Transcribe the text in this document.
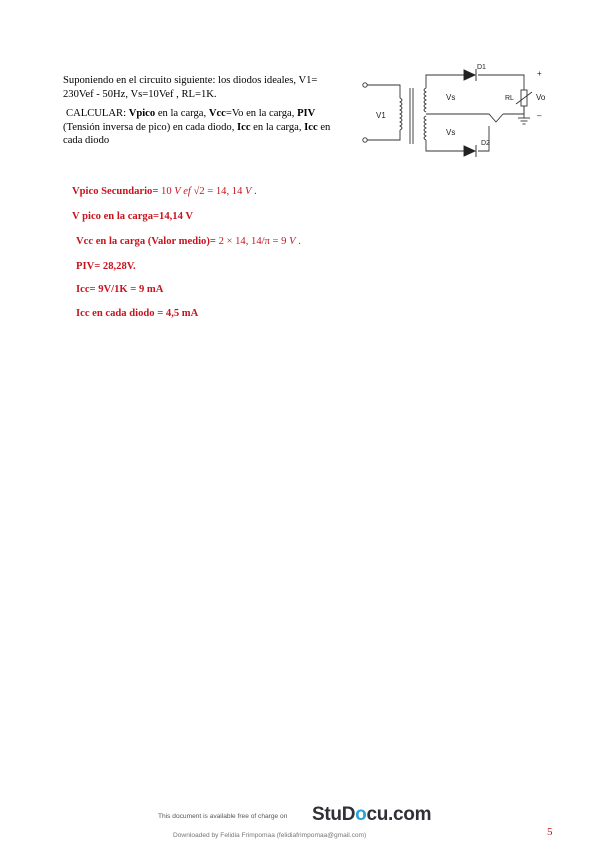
Suponiendo en el circuito siguiente: los diodos ideales, V1= 230Vef - 50Hz, Vs=10Vef , RL=1K.

CALCULAR: Vpico en la carga, Vcc=Vo en la carga, PIV (Tensión inversa de pico) en cada diodo, Icc en la carga, Icc en cada diodo

V1
Vs
Vs
D1
D2
RL	Vo
+
–
Vpico Secundario= 10 V ef √2 = 14, 14 V .
V pico en la carga=14,14 V
Vcc en la carga (Valor medio)= 2 × 14, 14/π = 9 V .
PIV= 28,28V.
Icc= 9V/1K = 9 mA
Icc en cada diodo = 4,5 mA
This document is available free of charge on StuDocu.com
Downloaded by Felidia Frimpomaa (felidiafrimpomaa@gmail.com)	5
